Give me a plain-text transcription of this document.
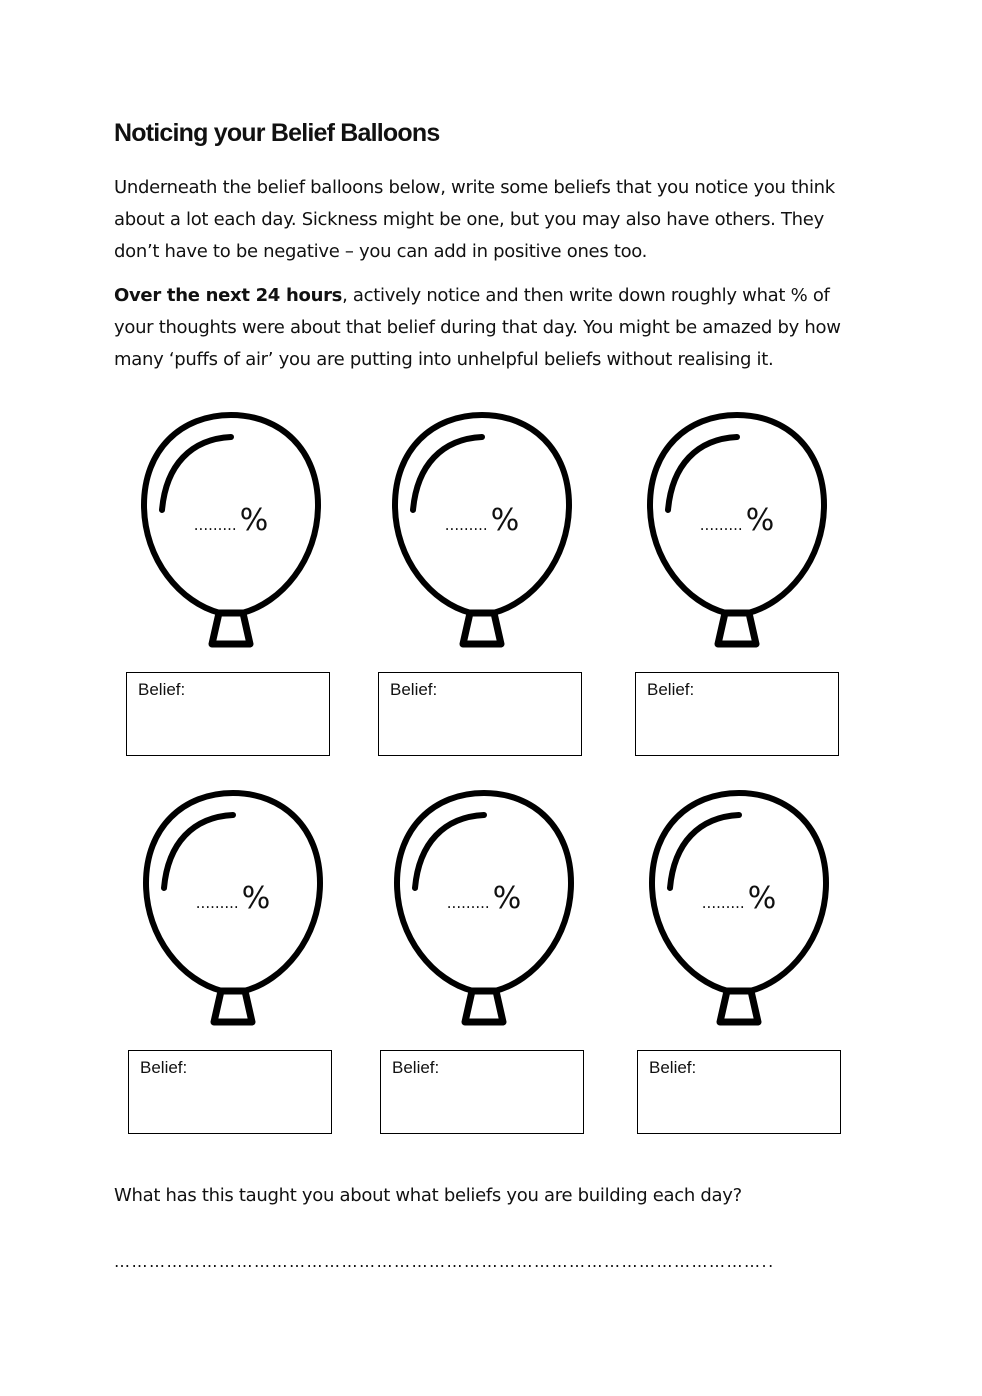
Noticing your Belief Balloons

Underneath the belief balloons below, write some beliefs that you notice you think about a lot each day. Sickness might be one, but you may also have others. They don’t have to be negative – you can add in positive ones too.

Over the next 24 hours, actively notice and then write down roughly what % of your thoughts were about that belief during that day. You might be amazed by how many ‘puffs of air’ you are putting into unhelpful beliefs without realising it.

......... %	......... %	......... %
Belief:	Belief:	Belief:
......... %	......... %	......... %
Belief:	Belief:	Belief:

What has this taught you about what beliefs you are building each day?

…………………………………………………………………………………………………..
